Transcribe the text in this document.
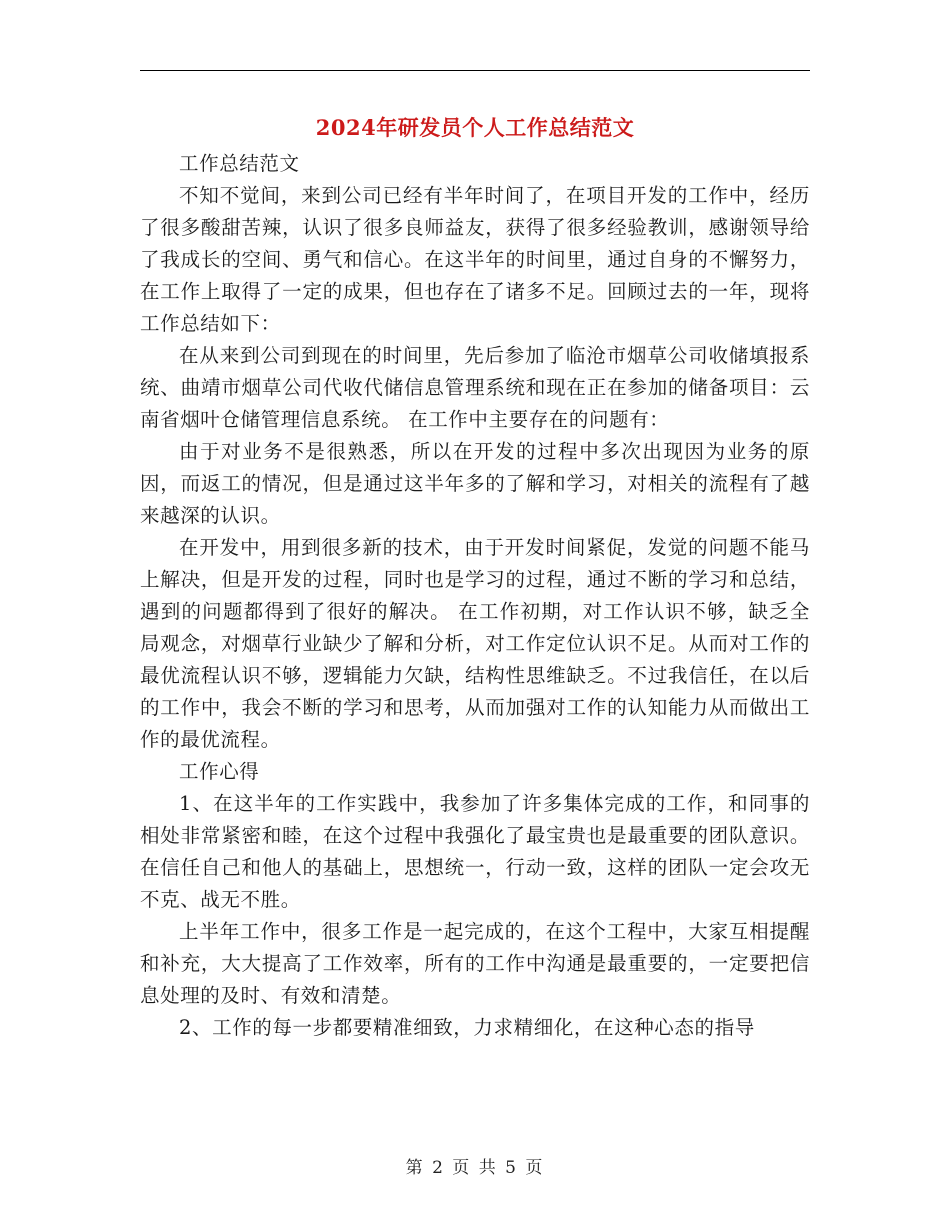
2024年研发员个人工作总结范文

工作总结范文

不知不觉间，来到公司已经有半年时间了，在项目开发的工作中，经历了很多酸甜苦辣，认识了很多良师益友，获得了很多经验教训，感谢领导给了我成长的空间、勇气和信心。在这半年的时间里，通过自身的不懈努力，在工作上取得了一定的成果，但也存在了诸多不足。回顾过去的一年，现将工作总结如下：

在从来到公司到现在的时间里，先后参加了临沧市烟草公司收储填报系统、曲靖市烟草公司代收代储信息管理系统和现在正在参加的储备项目：云南省烟叶仓储管理信息系统。 在工作中主要存在的问题有：

由于对业务不是很熟悉，所以在开发的过程中多次出现因为业务的原因，而返工的情况，但是通过这半年多的了解和学习，对相关的流程有了越来越深的认识。

在开发中，用到很多新的技术，由于开发时间紧促，发觉的问题不能马上解决，但是开发的过程，同时也是学习的过程，通过不断的学习和总结，遇到的问题都得到了很好的解决。 在工作初期，对工作认识不够，缺乏全局观念，对烟草行业缺少了解和分析，对工作定位认识不足。从而对工作的最优流程认识不够，逻辑能力欠缺，结构性思维缺乏。不过我信任，在以后的工作中，我会不断的学习和思考，从而加强对工作的认知能力从而做出工作的最优流程。

工作心得

1、在这半年的工作实践中，我参加了许多集体完成的工作，和同事的相处非常紧密和睦，在这个过程中我强化了最宝贵也是最重要的团队意识。在信任自己和他人的基础上，思想统一，行动一致，这样的团队一定会攻无不克、战无不胜。

上半年工作中，很多工作是一起完成的，在这个工程中，大家互相提醒和补充，大大提高了工作效率，所有的工作中沟通是最重要的，一定要把信息处理的及时、有效和清楚。

2、工作的每一步都要精准细致，力求精细化，在这种心态的指导

第 2 页 共 5 页
